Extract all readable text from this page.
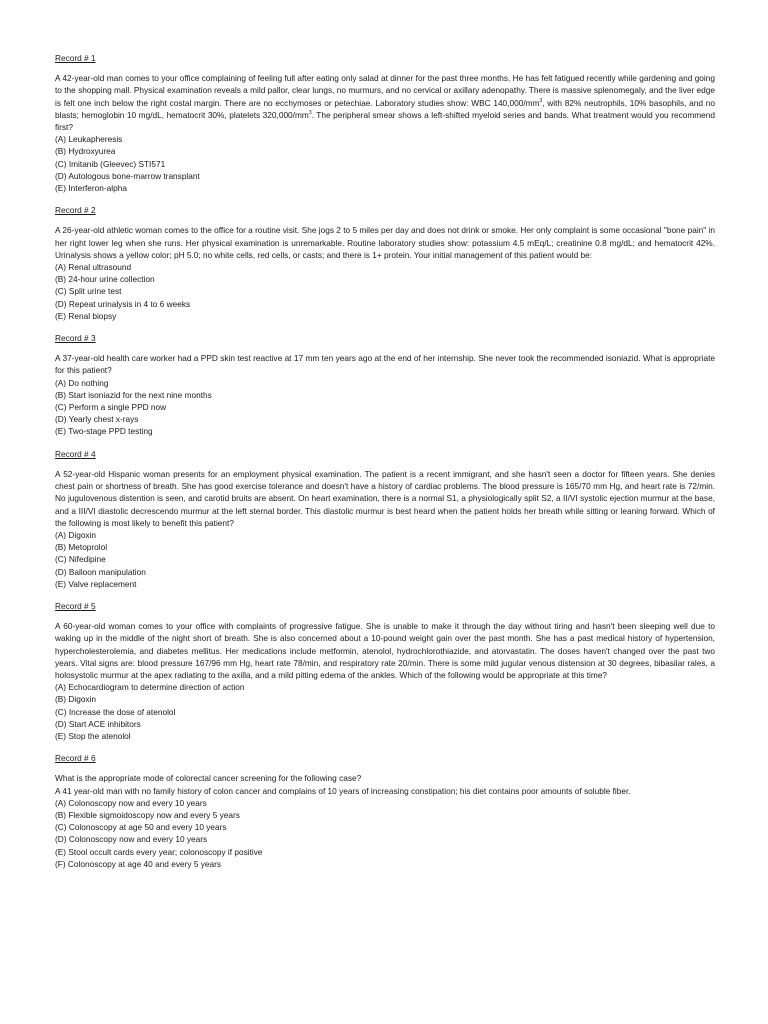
Record # 1
A 42-year-old man comes to your office complaining of feeling full after eating only salad at dinner for the past three months. He has felt fatigued recently while gardening and going to the shopping mall. Physical examination reveals a mild pallor, clear lungs, no murmurs, and no cervical or axillary adenopathy. There is massive splenomegaly, and the liver edge is felt one inch below the right costal margin. There are no ecchymoses or petechiae. Laboratory studies show: WBC $140,000/mm^3$, with 82% neutrophils, 10% basophils, and no blasts; hemoglobin 10 mg/dL, hematocrit 30%, platelets $320,000/mm^3$. The peripheral smear shows a left-shifted myeloid series and bands. What treatment would you recommend first?
(A) Leukapheresis
(B) Hydroxyurea
(C) Imitanib (Gleevec) STI571
(D) Autologous bone-marrow transplant
(E) Interferon-alpha
Record # 2
A 26-year-old athletic woman comes to the office for a routine visit. She jogs 2 to 5 miles per day and does not drink or smoke. Her only complaint is some occasional "bone pain" in her right lower leg when she runs. Her physical examination is unremarkable. Routine laboratory studies show: potassium 4.5 mEq/L; creatinine 0.8 mg/dL; and hematocrit 42%. Urinalysis shows a yellow color; pH 5.0; no white cells, red cells, or casts; and there is 1+ protein. Your initial management of this patient would be:
(A) Renal ultrasound
(B) 24-hour urine collection
(C) Split urine test
(D) Repeat urinalysis in 4 to 6 weeks
(E) Renal biopsy
Record # 3
A 37-year-old health care worker had a PPD skin test reactive at 17 mm ten years ago at the end of her internship. She never took the recommended isoniazid. What is appropriate for this patient?
(A) Do nothing
(B) Start isoniazid for the next nine months
(C) Perform a single PPD now
(D) Yearly chest x-rays
(E) Two-stage PPD testing
Record # 4
A 52-year-old Hispanic woman presents for an employment physical examination. The patient is a recent immigrant, and she hasn't seen a doctor for fifteen years. She denies chest pain or shortness of breath. She has good exercise tolerance and doesn't have a history of cardiac problems. The blood pressure is 165/70 mm Hg, and heart rate is 72/min. No jugulovenous distention is seen, and carotid bruits are absent. On heart examination, there is a normal S1, a physiologically split S2, a II/VI systolic ejection murmur at the base, and a III/VI diastolic decrescendo murmur at the left sternal border. This diastolic murmur is best heard when the patient holds her breath while sitting or leaning forward. Which of the following is most likely to benefit this patient?
(A) Digoxin
(B) Metoprolol
(C) Nifedipine
(D) Balloon manipulation
(E) Valve replacement
Record # 5
A 60-year-old woman comes to your office with complaints of progressive fatigue. She is unable to make it through the day without tiring and hasn't been sleeping well due to waking up in the middle of the night short of breath. She is also concerned about a 10-pound weight gain over the past month. She has a past medical history of hypertension, hypercholesterolemia, and diabetes mellitus. Her medications include metformin, atenolol, hydrochlorothiazide, and atorvastatin. The doses haven't changed over the past two years. Vital signs are: blood pressure 167/96 mm Hg, heart rate 78/min, and respiratory rate 20/min. There is some mild jugular venous distension at 30 degrees, bibasilar rales, a holosystolic murmur at the apex radiating to the axilla, and a mild pitting edema of the ankles. Which of the following would be appropriate at this time?
(A) Echocardiogram to determine direction of action
(B) Digoxin
(C) Increase the dose of atenolol
(D) Start ACE inhibitors
(E) Stop the atenolol
Record # 6
What is the appropriate mode of colorectal cancer screening for the following case?
A 41 year-old man with no family history of colon cancer and complains of 10 years of increasing constipation; his diet contains poor amounts of soluble fiber.
(A) Colonoscopy now and every 10 years
(B) Flexible sigmoidoscopy now and every 5 years
(C) Colonoscopy at age 50 and every 10 years
(D) Colonoscopy now and every 10 years
(E) Stool occult cards every year; colonoscopy if positive
(F) Colonoscopy at age 40 and every 5 years
